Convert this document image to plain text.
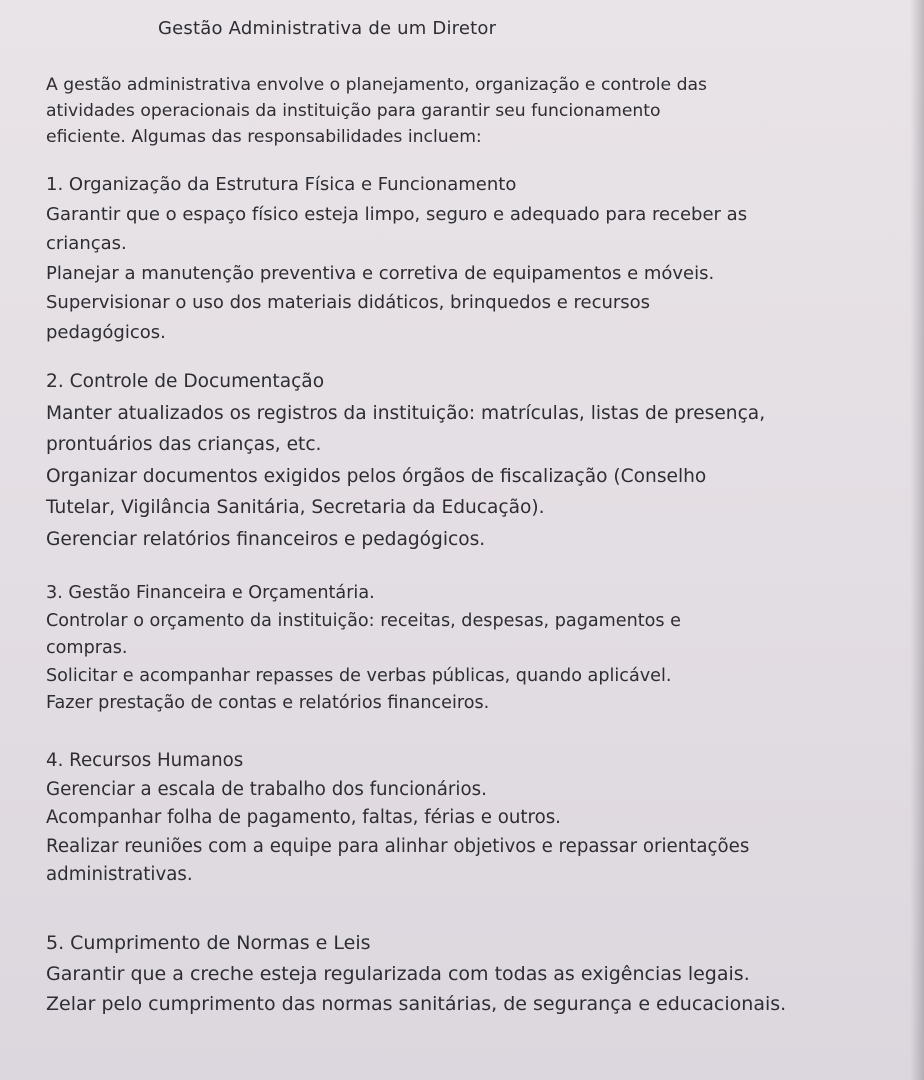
Gestão Administrativa de um Diretor
A gestão administrativa envolve o planejamento, organização e controle das
atividades operacionais da instituição para garantir seu funcionamento
eficiente. Algumas das responsabilidades incluem:
1. Organização da Estrutura Física e Funcionamento
Garantir que o espaço físico esteja limpo, seguro e adequado para receber as
crianças.
Planejar a manutenção preventiva e corretiva de equipamentos e móveis.
Supervisionar o uso dos materiais didáticos, brinquedos e recursos
pedagógicos.
2. Controle de Documentação
Manter atualizados os registros da instituição: matrículas, listas de presença,
prontuários das crianças, etc.
Organizar documentos exigidos pelos órgãos de fiscalização (Conselho
Tutelar, Vigilância Sanitária, Secretaria da Educação).
Gerenciar relatórios financeiros e pedagógicos.
3. Gestão Financeira e Orçamentária.
Controlar o orçamento da instituição: receitas, despesas, pagamentos e
compras.
Solicitar e acompanhar repasses de verbas públicas, quando aplicável.
Fazer prestação de contas e relatórios financeiros.
4. Recursos Humanos
Gerenciar a escala de trabalho dos funcionários.
Acompanhar folha de pagamento, faltas, férias e outros.
Realizar reuniões com a equipe para alinhar objetivos e repassar orientações
administrativas.
5. Cumprimento de Normas e Leis
Garantir que a creche esteja regularizada com todas as exigências legais.
Zelar pelo cumprimento das normas sanitárias, de segurança e educacionais.
